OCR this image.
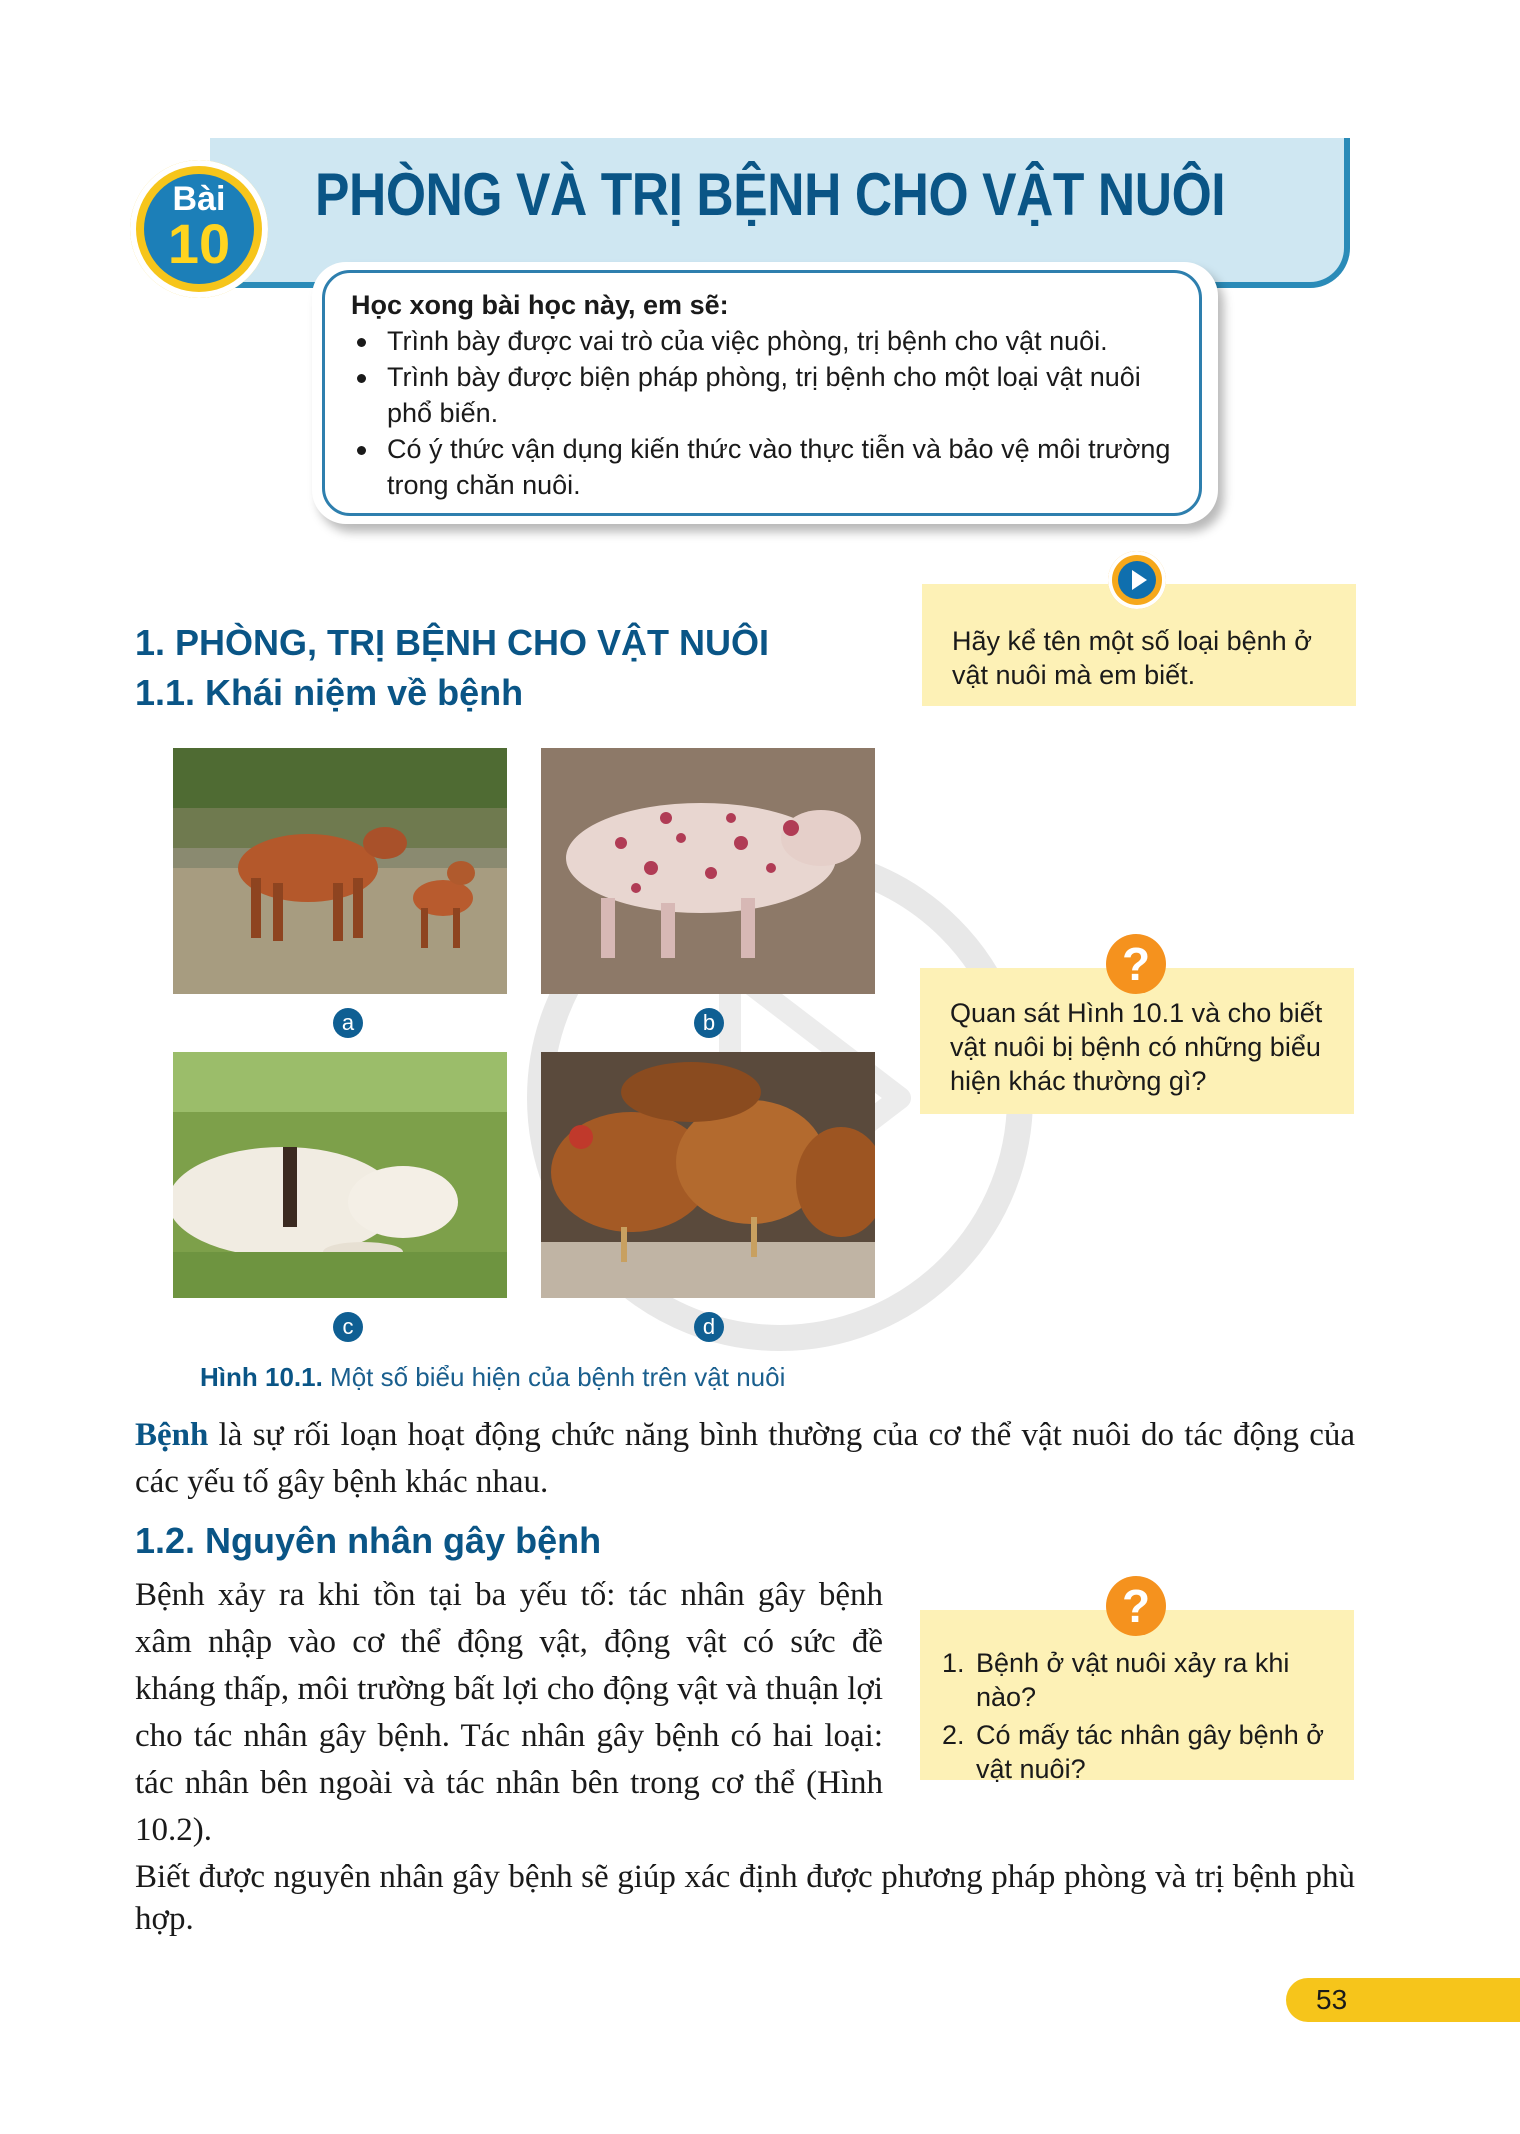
PHÒNG VÀ TRỊ BỆNH CHO VẬT NUÔI
Bài
10
Học xong bài học này, em sẽ:
Trình bày được vai trò của việc phòng, trị bệnh cho vật nuôi.
Trình bày được biện pháp phòng, trị bệnh cho một loại vật nuôi phổ biến.
Có ý thức vận dụng kiến thức vào thực tiễn và bảo vệ môi trường trong chăn nuôi.
Hãy kể tên một số loại bệnh ở vật nuôi mà em biết.
1. PHÒNG, TRỊ BỆNH CHO VẬT NUÔI
1.1. Khái niệm về bệnh
a	b
c	d
Hình 10.1. Một số biểu hiện của bệnh trên vật nuôi
Quan sát Hình 10.1 và cho biết vật nuôi bị bệnh có những biểu hiện khác thường gì?
?
Bệnh là sự rối loạn hoạt động chức năng bình thường của cơ thể vật nuôi do tác động của các yếu tố gây bệnh khác nhau.
1.2. Nguyên nhân gây bệnh
Bệnh xảy ra khi tồn tại ba yếu tố: tác nhân gây bệnh xâm nhập vào cơ thể động vật, động vật có sức đề kháng thấp, môi trường bất lợi cho động vật và thuận lợi cho tác nhân gây bệnh. Tác nhân gây bệnh có hai loại: tác nhân bên ngoài và tác nhân bên trong cơ thể (Hình 10.2).
1. Bệnh ở vật nuôi xảy ra khi nào?
2. Có mấy tác nhân gây bệnh ở vật nuôi?
?
Biết được nguyên nhân gây bệnh sẽ giúp xác định được phương pháp phòng và trị bệnh phù hợp.
53
